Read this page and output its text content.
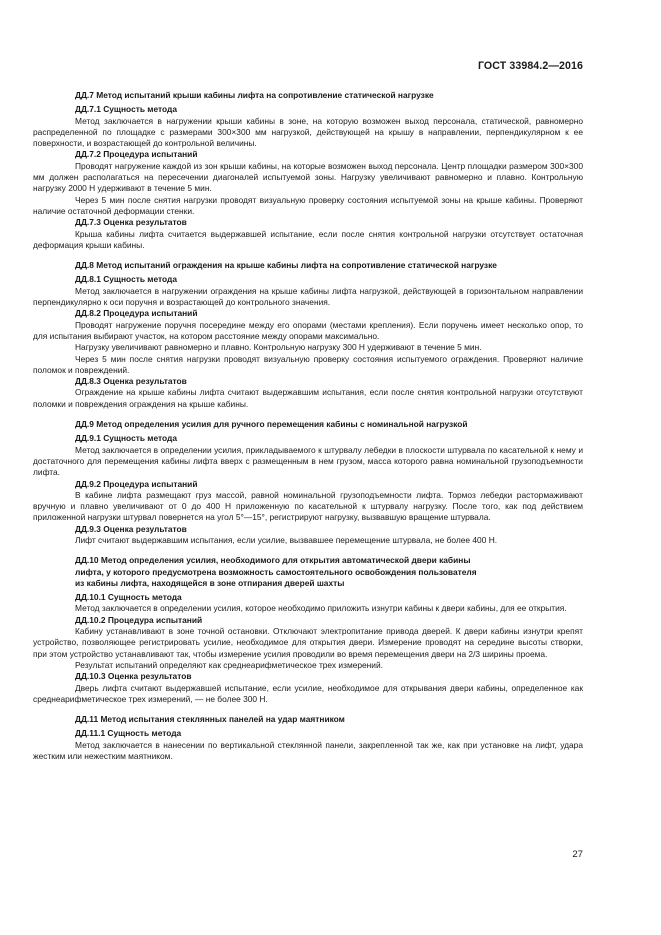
ГОСТ 33984.2—2016
ДД.7 Метод испытаний крыши кабины лифта на сопротивление статической нагрузке
ДД.7.1 Сущность метода

Метод заключается в нагружении крыши кабины в зоне, на которую возможен выход персонала, статической, равномерно распределенной по площадке с размерами 300×300 мм нагрузкой, действующей на крышу в направлении, перпендикулярном к ее поверхности, и возрастающей до контрольной величины.

ДД.7.2 Процедура испытаний

Проводят нагружение каждой из зон крыши кабины, на которые возможен выход персонала. Центр площадки размером 300×300 мм должен располагаться на пересечении диагоналей испытуемой зоны. Нагрузку увеличивают равномерно и плавно. Контрольную нагрузку 2000 Н удерживают в течение 5 мин.

Через 5 мин после снятия нагрузки проводят визуальную проверку состояния испытуемой зоны на крыше кабины. Проверяют наличие остаточной деформации стенки.

ДД.7.3 Оценка результатов

Крыша кабины лифта считается выдержавшей испытание, если после снятия контрольной нагрузки отсутствует остаточная деформация крыши кабины.

ДД.8 Метод испытаний ограждения на крыше кабины лифта на сопротивление статической нагрузке
ДД.8.1 Сущность метода

Метод заключается в нагружении ограждения на крыше кабины лифта нагрузкой, действующей в горизонтальном направлении перпендикулярно к оси поручня и возрастающей до контрольного значения.

ДД.8.2 Процедура испытаний

Проводят нагружение поручня посередине между его опорами (местами крепления). Если поручень имеет несколько опор, то для испытания выбирают участок, на котором расстояние между опорами максимально.

Нагрузку увеличивают равномерно и плавно. Контрольную нагрузку 300 Н удерживают в течение 5 мин.

Через 5 мин после снятия нагрузки проводят визуальную проверку состояния испытуемого ограждения. Проверяют наличие поломок и повреждений.

ДД.8.3 Оценка результатов

Ограждение на крыше кабины лифта считают выдержавшим испытания, если после снятия контрольной нагрузки отсутствуют поломки и повреждения ограждения на крыше кабины.

ДД.9 Метод определения усилия для ручного перемещения кабины с номинальной нагрузкой
ДД.9.1 Сущность метода

Метод заключается в определении усилия, прикладываемого к штурвалу лебедки в плоскости штурвала по касательной к нему и достаточного для перемещения кабины лифта вверх с размещенным в нем грузом, масса которого равна номинальной грузоподъемности лифта.

ДД.9.2 Процедура испытаний

В кабине лифта размещают груз массой, равной номинальной грузоподъемности лифта. Тормоз лебедки растормаживают вручную и плавно увеличивают от 0 до 400 Н приложенную по касательной к штурвалу нагрузку. После того, как под действием приложенной нагрузки штурвал повернется на угол 5°—15°, регистрируют нагрузку, вызвавшую вращение штурвала.

ДД.9.3 Оценка результатов

Лифт считают выдержавшим испытания, если усилие, вызвавшее перемещение штурвала, не более 400 Н.

ДД.10 Метод определения усилия, необходимого для открытия автоматической двери кабины
лифта, у которого предусмотрена возможность самостоятельного освобождения пользователя
из кабины лифта, находящейся в зоне отпирания дверей шахты
ДД.10.1 Сущность метода

Метод заключается в определении усилия, которое необходимо приложить изнутри кабины к двери кабины, для ее открытия.

ДД.10.2 Процедура испытаний

Кабину устанавливают в зоне точной остановки. Отключают электропитание привода дверей. К двери кабины изнутри крепят устройство, позволяющее регистрировать усилие, необходимое для открытия двери. Измерение проводят на середине высоты створки, при этом устройство устанавливают так, чтобы измерение усилия проводили во время перемещения двери на 2/3 ширины проема.

Результат испытаний определяют как среднеарифметическое трех измерений.

ДД.10.3 Оценка результатов

Дверь лифта считают выдержавшей испытание, если усилие, необходимое для открывания двери кабины, определенное как среднеарифметическое трех измерений, — не более 300 Н.

ДД.11 Метод испытания стеклянных панелей на удар маятником
ДД.11.1 Сущность метода

Метод заключается в нанесении по вертикальной стеклянной панели, закрепленной так же, как при установке на лифт, удара жестким или нежестким маятником.

27
